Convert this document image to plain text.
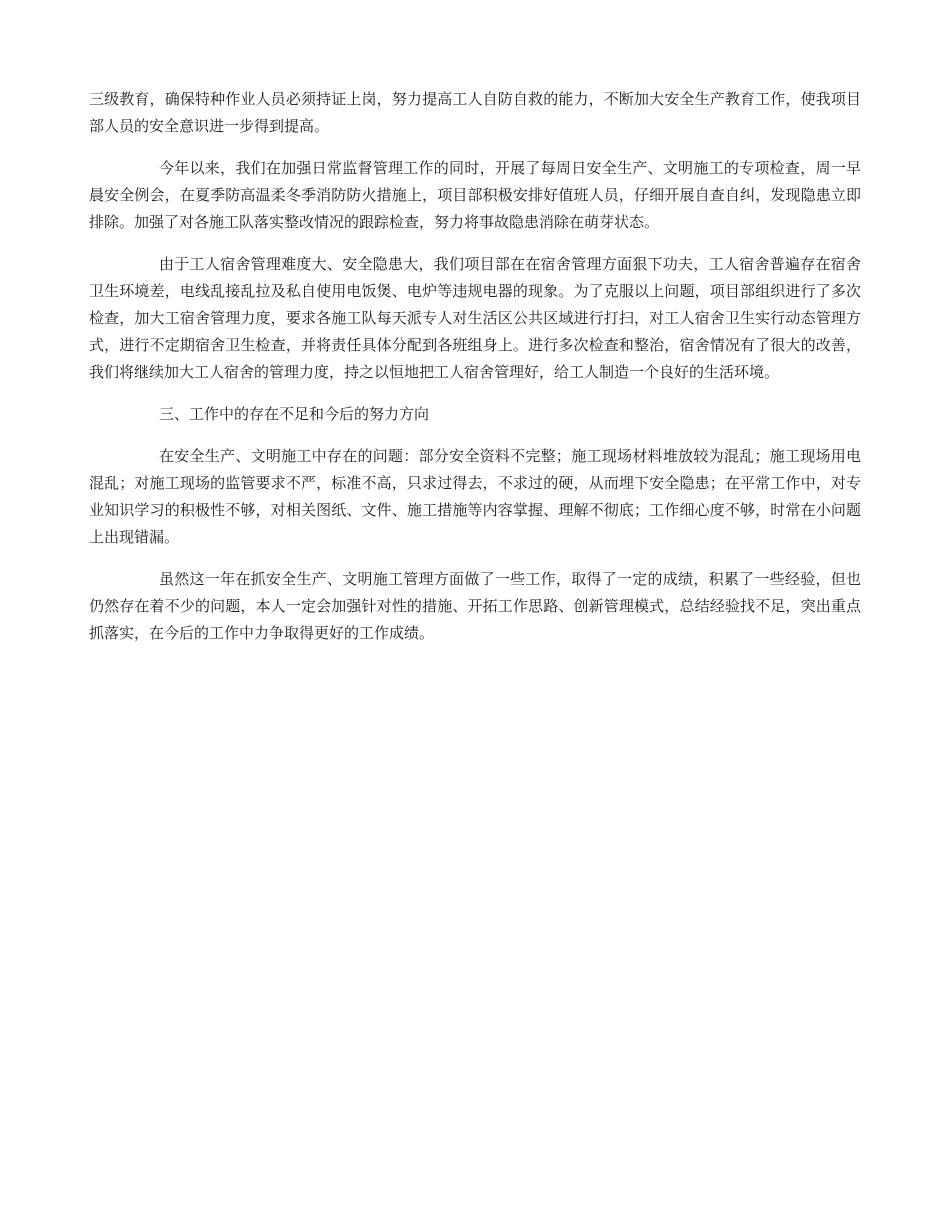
三级教育，确保特种作业人员必须持证上岗，努力提高工人自防自救的能力，不断加大安全生产教育工作，使我项目部人员的安全意识进一步得到提高。

今年以来，我们在加强日常监督管理工作的同时，开展了每周日安全生产、文明施工的专项检查，周一早晨安全例会，在夏季防高温柔冬季消防防火措施上，项目部积极安排好值班人员，仔细开展自查自纠，发现隐患立即排除。加强了对各施工队落实整改情况的跟踪检查，努力将事故隐患消除在萌芽状态。

由于工人宿舍管理难度大、安全隐患大，我们项目部在在宿舍管理方面狠下功夫，工人宿舍普遍存在宿舍卫生环境差，电线乱接乱拉及私自使用电饭煲、电炉等违规电器的现象。为了克服以上问题，项目部组织进行了多次检查，加大工宿舍管理力度，要求各施工队每天派专人对生活区公共区域进行打扫，对工人宿舍卫生实行动态管理方式，进行不定期宿舍卫生检查，并将责任具体分配到各班组身上。进行多次检查和整治，宿舍情况有了很大的改善，我们将继续加大工人宿舍的管理力度，持之以恒地把工人宿舍管理好，给工人制造一个良好的生活环境。

三、工作中的存在不足和今后的努力方向

在安全生产、文明施工中存在的问题：部分安全资料不完整；施工现场材料堆放较为混乱；施工现场用电混乱；对施工现场的监管要求不严，标准不高，只求过得去，不求过的硬，从而埋下安全隐患；在平常工作中，对专业知识学习的积极性不够，对相关图纸、文件、施工措施等内容掌握、理解不彻底；工作细心度不够，时常在小问题上出现错漏。

虽然这一年在抓安全生产、文明施工管理方面做了一些工作，取得了一定的成绩，积累了一些经验，但也仍然存在着不少的问题，本人一定会加强针对性的措施、开拓工作思路、创新管理模式，总结经验找不足，突出重点抓落实，在今后的工作中力争取得更好的工作成绩。
